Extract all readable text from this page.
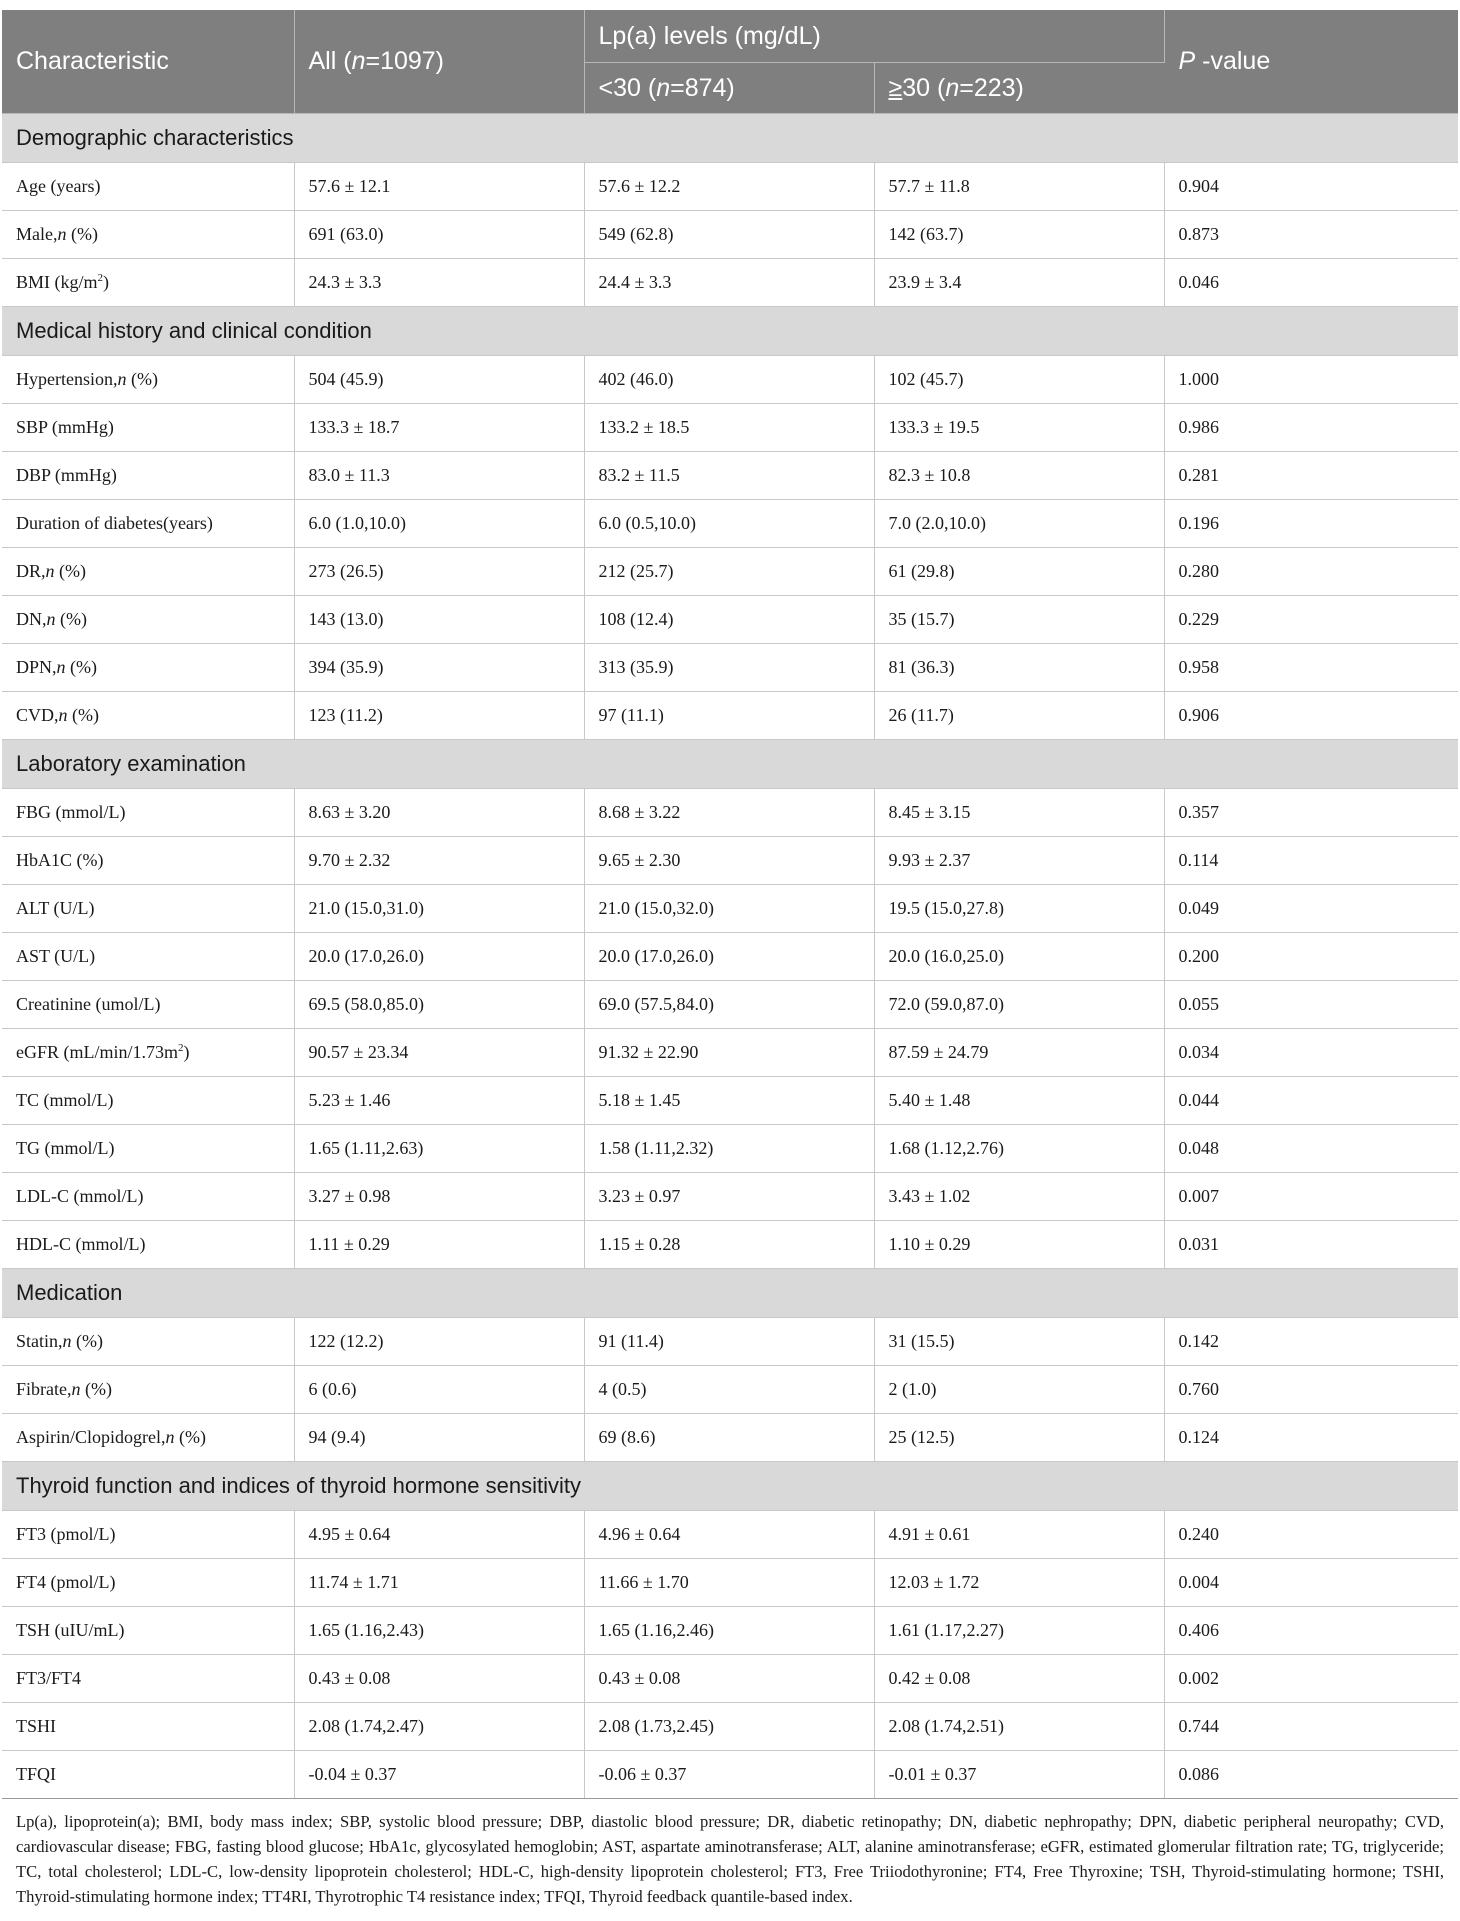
Characteristic	All (n=1097)	Lp(a) levels (mg/dL)		P -value
		<30 (n=874)	≥30 (n=223)	
Demographic characteristics				
Age (years)	57.6 ± 12.1	57.6 ± 12.2	57.7 ± 11.8	0.904
Male,n (%)	691 (63.0)	549 (62.8)	142 (63.7)	0.873
BMI $(kg/m^2)$	24.3 ± 3.3	24.4 ± 3.3	23.9 ± 3.4	0.046
Medical history and clinical condition				
Hypertension,n (%)	504 (45.9)	402 (46.0)	102 (45.7)	1.000
SBP (mmHg)	133.3 ± 18.7	133.2 ± 18.5	133.3 ± 19.5	0.986
DBP (mmHg)	83.0 ± 11.3	83.2 ± 11.5	82.3 ± 10.8	0.281
Duration of diabetes(years)	6.0 (1.0,10.0)	6.0 (0.5,10.0)	7.0 (2.0,10.0)	0.196
DR,n (%)	273 (26.5)	212 (25.7)	61 (29.8)	0.280
DN,n (%)	143 (13.0)	108 (12.4)	35 (15.7)	0.229
DPN,n (%)	394 (35.9)	313 (35.9)	81 (36.3)	0.958
CVD,n (%)	123 (11.2)	97 (11.1)	26 (11.7)	0.906
Laboratory examination				
FBG (mmol/L)	8.63 ± 3.20	8.68 ± 3.22	8.45 ± 3.15	0.357
HbA1C (%)	9.70 ± 2.32	9.65 ± 2.30	9.93 ± 2.37	0.114
ALT (U/L)	21.0 (15.0,31.0)	21.0 (15.0,32.0)	19.5 (15.0,27.8)	0.049
AST (U/L)	20.0 (17.0,26.0)	20.0 (17.0,26.0)	20.0 (16.0,25.0)	0.200
Creatinine (umol/L)	69.5 (58.0,85.0)	69.0 (57.5,84.0)	72.0 (59.0,87.0)	0.055
eGFR $(mL/\min/1.73m^2)$	90.57 ± 23.34	91.32 ± 22.90	87.59 ± 24.79	0.034
TC (mmol/L)	5.23 ± 1.46	5.18 ± 1.45	5.40 ± 1.48	0.044
TG (mmol/L)	1.65 (1.11,2.63)	1.58 (1.11,2.32)	1.68 (1.12,2.76)	0.048
LDL-C (mmol/L)	3.27 ± 0.98	3.23 ± 0.97	3.43 ± 1.02	0.007
HDL-C (mmol/L)	1.11 ± 0.29	1.15 ± 0.28	1.10 ± 0.29	0.031
Medication				
Statin,n (%)	122 (12.2)	91 (11.4)	31 (15.5)	0.142
Fibrate,n (%)	6 (0.6)	4 (0.5)	2 (1.0)	0.760
Aspirin/Clopidogrel,n (%)	94 (9.4)	69 (8.6)	25 (12.5)	0.124
Thyroid function and indices of thyroid hormone sensitivity				
FT3 (pmol/L)	4.95 ± 0.64	4.96 ± 0.64	4.91 ± 0.61	0.240
FT4 (pmol/L)	11.74 ± 1.71	11.66 ± 1.70	12.03 ± 1.72	0.004
TSH (uIU/mL)	1.65 (1.16,2.43)	1.65 (1.16,2.46)	1.61 (1.17,2.27)	0.406
FT3/FT4	0.43 ± 0.08	0.43 ± 0.08	0.42 ± 0.08	0.002
TSHI	2.08 (1.74,2.47)	2.08 (1.73,2.45)	2.08 (1.74,2.51)	0.744
TFQI	-0.04 ± 0.37	-0.06 ± 0.37	-0.01 ± 0.37	0.086
Lp(a), lipoprotein(a); BMI, body mass index; SBP, systolic blood pressure; DBP, diastolic blood pressure; DR, diabetic retinopathy; DN, diabetic nephropathy; DPN, diabetic peripheral neuropathy; CVD, cardiovascular disease; FBG, fasting blood glucose; HbA1c, glycosylated hemoglobin; AST, aspartate aminotransferase; ALT, alanine aminotransferase; eGFR, estimated glomerular filtration rate; TG, triglyceride; TC, total cholesterol; LDL-C, low-density lipoprotein cholesterol; HDL-C, high-density lipoprotein cholesterol; FT3, Free Triiodothyronine; FT4, Free Thyroxine; TSH, Thyroid-stimulating hormone; TSHI, Thyroid-stimulating hormone index; TT4RI, Thyrotrophic T4 resistance index; TFQI, Thyroid feedback quantile-based index.
